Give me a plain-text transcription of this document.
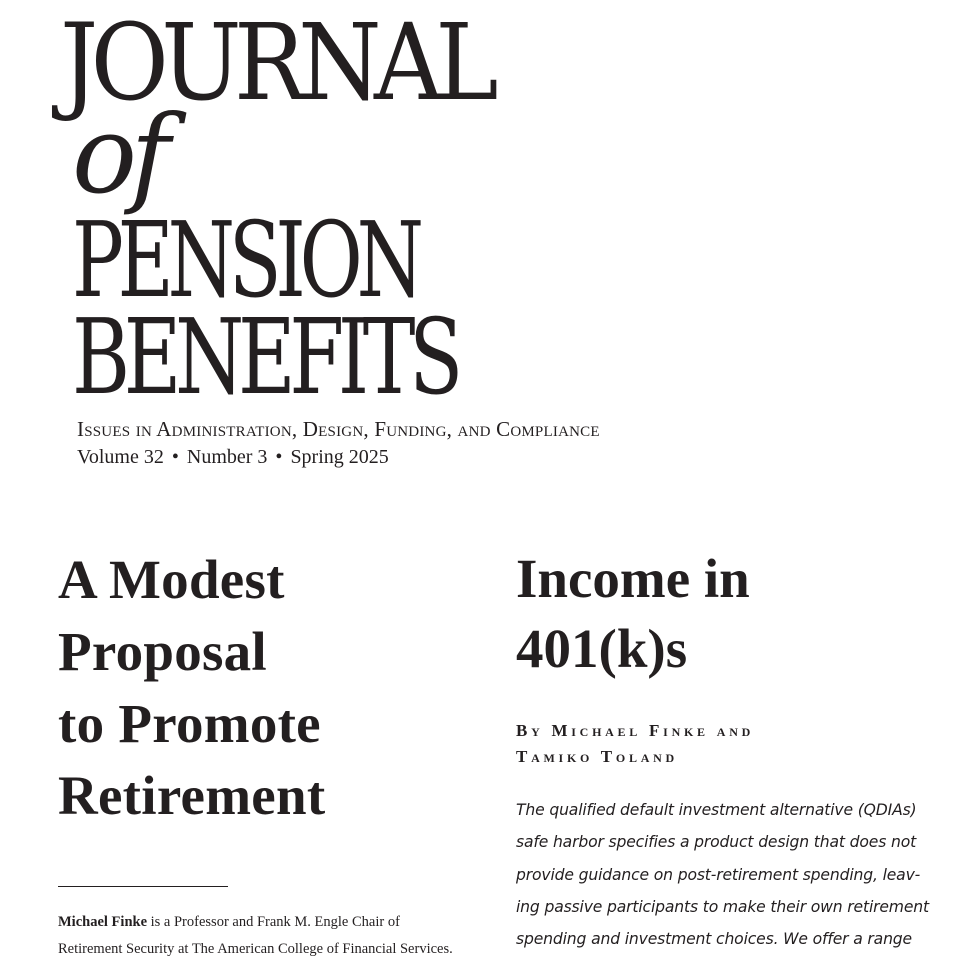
JOURNAL
of
PENSION
BENEFITS
Issues in Administration, Design, Funding, and Compliance
Volume 32 • Number 3 • Spring 2025
A Modest
Proposal
to Promote
Retirement
Michael Finke is a Professor and Frank M. Engle Chair of
Retirement Security at The American College of Financial Services.
Income in
401(k)s
By Michael Finke and
Tamiko Toland
The qualified default investment alternative (QDIAs)
safe harbor specifies a product design that does not
provide guidance on post-retirement spending, leav-
ing passive participants to make their own retirement
spending and investment choices. We offer a range
